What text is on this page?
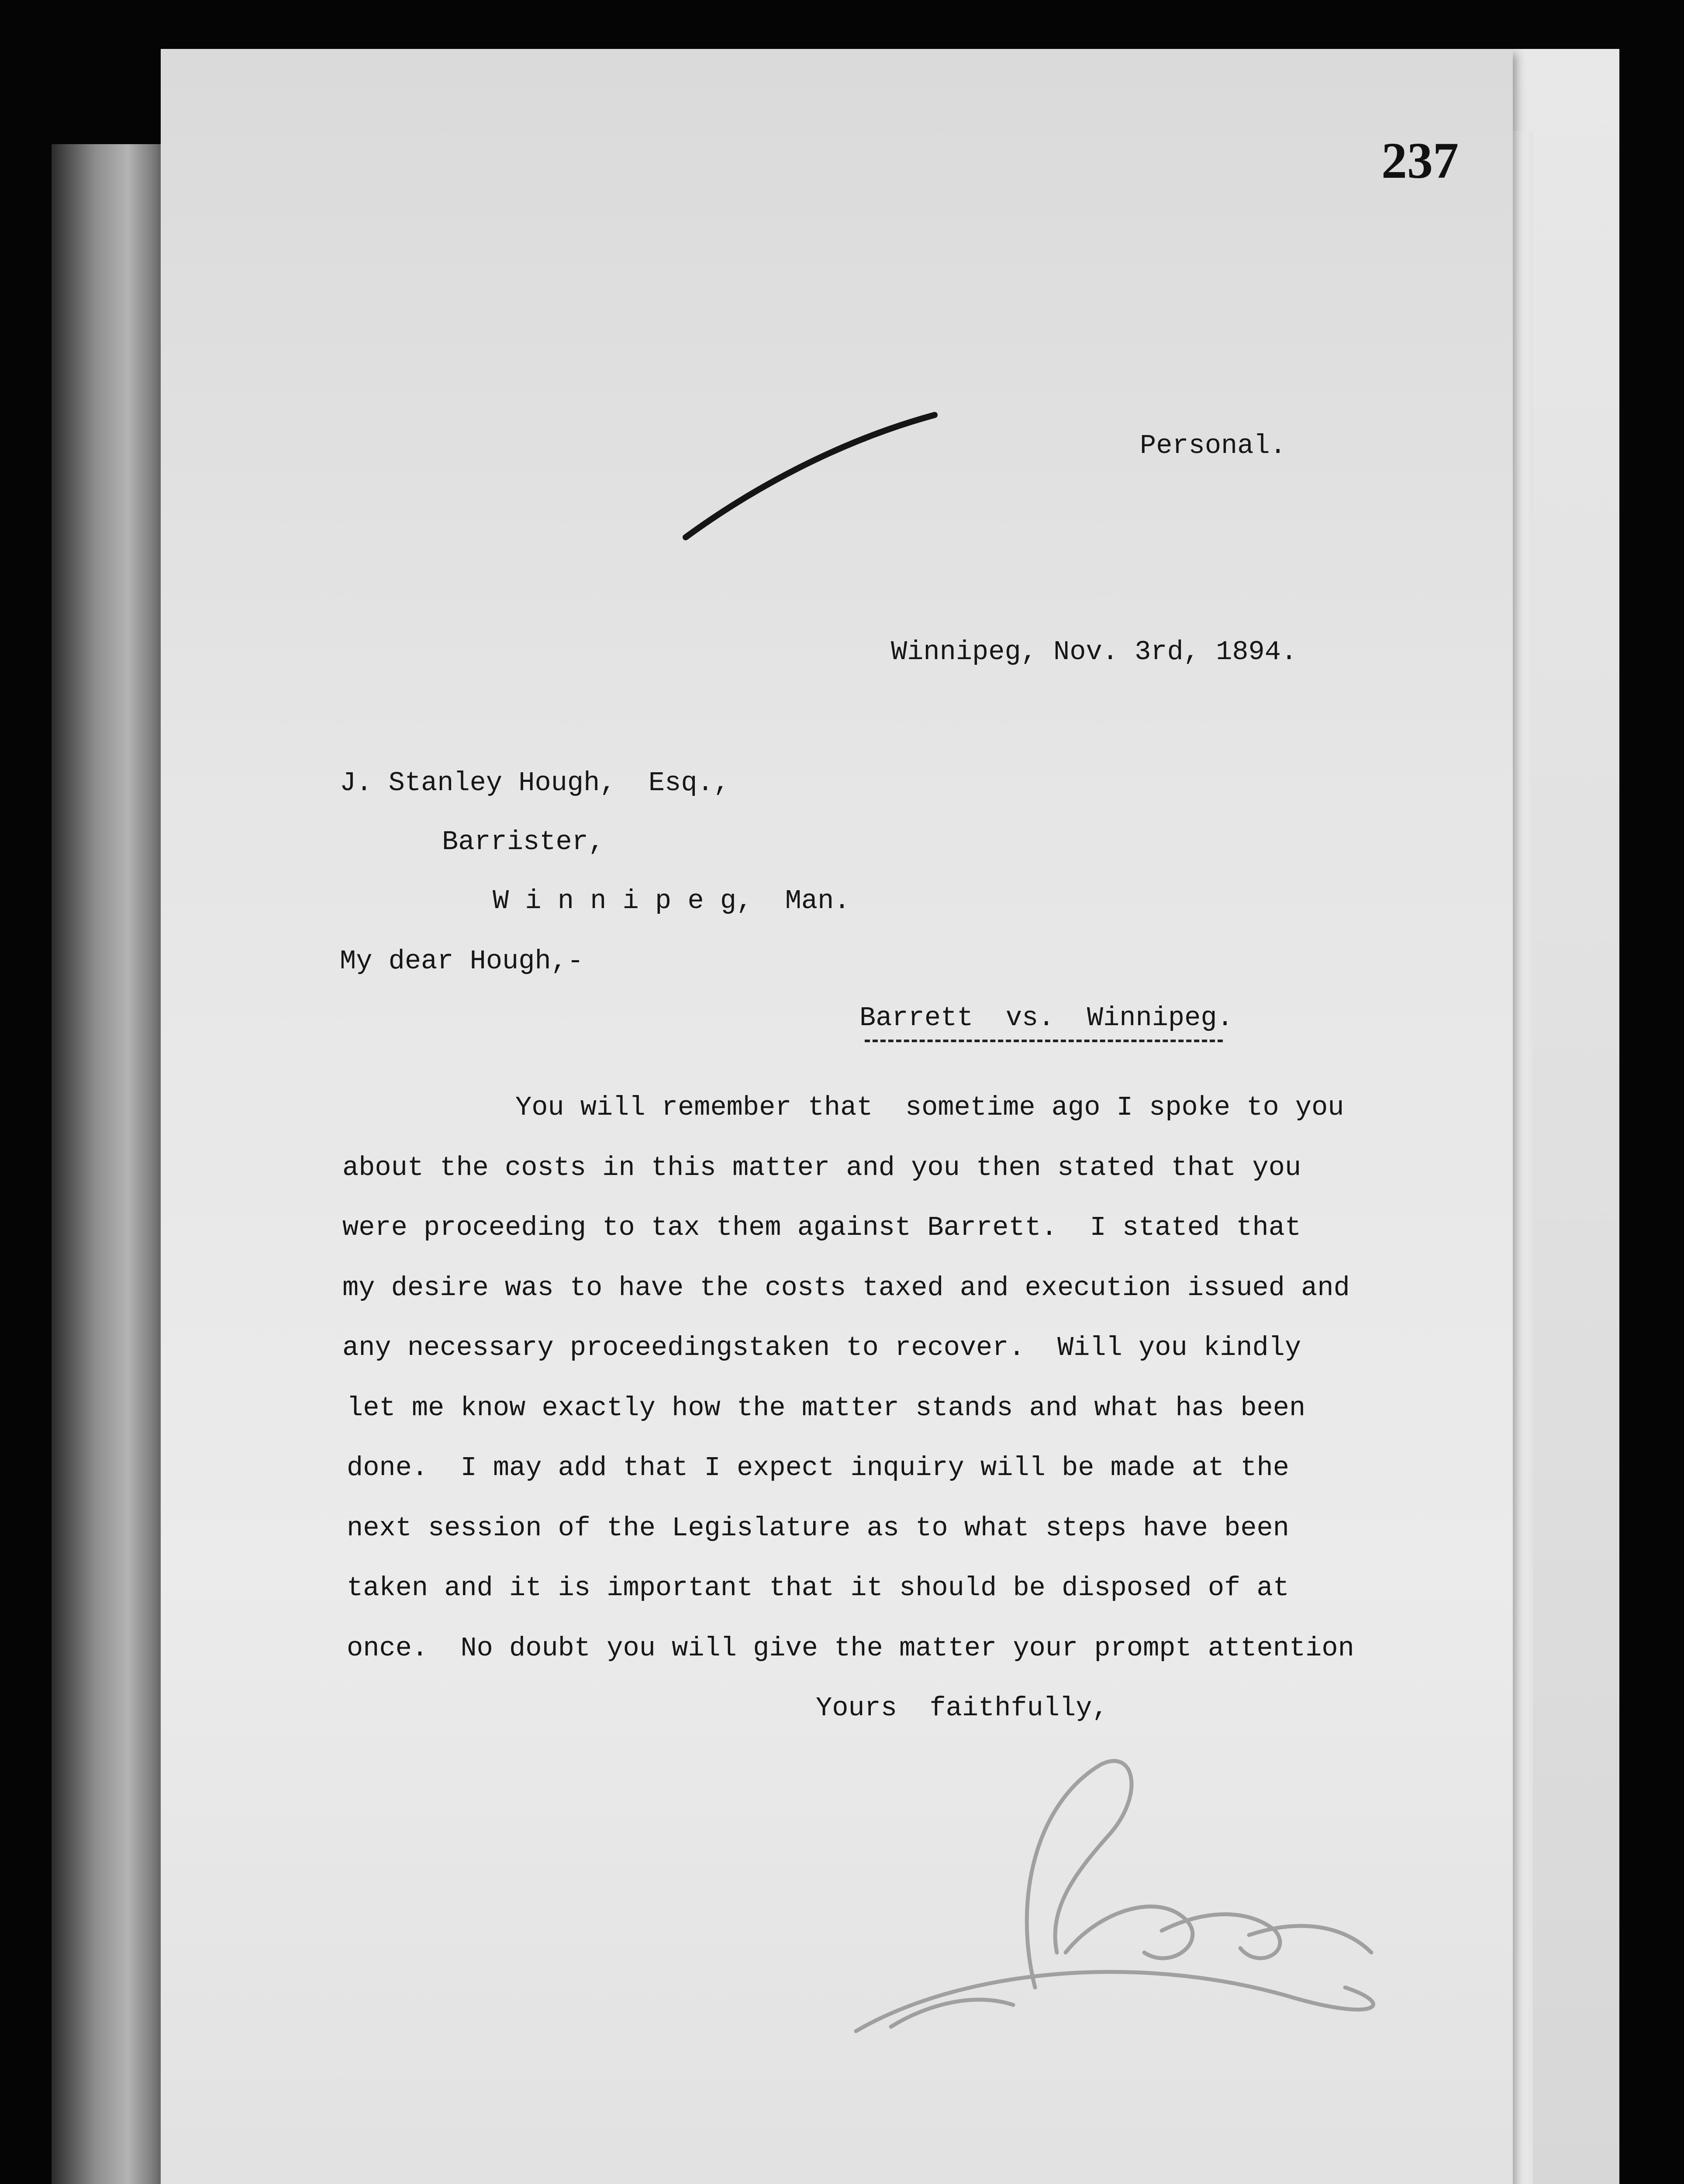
237
Personal.
Winnipeg, Nov. 3rd, 1894.
J. Stanley Hough,  Esq.,
Barrister,
W i n n i p e g,  Man.
My dear Hough,-
Barrett  vs.  Winnipeg.
You will remember that  sometime ago I spoke to you
about the costs in this matter and you then stated that you
were proceeding to tax them against Barrett.  I stated that
my desire was to have the costs taxed and execution issued and
any necessary proceedingstaken to recover.  Will you kindly
let me know exactly how the matter stands and what has been
done.  I may add that I expect inquiry will be made at the
next session of the Legislature as to what steps have been
taken and it is important that it should be disposed of at
once.  No doubt you will give the matter your prompt attention
Yours  faithfully,
